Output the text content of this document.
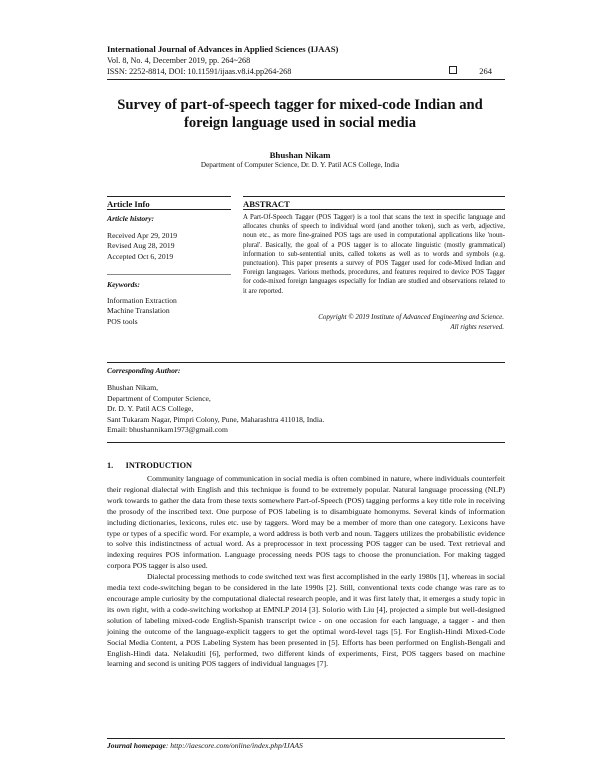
International Journal of Advances in Applied Sciences (IJAAS)
Vol. 8, No. 4, December 2019, pp. 264~268
ISSN: 2252-8814, DOI: 10.11591/ijaas.v8.i4.pp264-268	264
Survey of part-of-speech tagger for mixed-code Indian and foreign language used in social media
Bhushan Nikam
Department of Computer Science, Dr. D. Y. Patil ACS College, India
Article Info	ABSTRACT
Article history:
Received Apr 29, 2019
Revised Aug 28, 2019
Accepted Oct 6, 2019
Keywords:
Information Extraction
Machine Translation
POS tools
A Part-Of-Speech Tagger (POS Tagger) is a tool that scans the text in specific language and allocates chunks of speech to individual word (and another token), such as verb, adjective, noun etc., as more fine-grained POS tags are used in computational applications like 'noun-plural'. Basically, the goal of a POS tagger is to allocate linguistic (mostly grammatical) information to sub-sentential units, called tokens as well as to words and symbols (e.g. punctuation). This paper presents a survey of POS Tagger used for code-Mixed Indian and Foreign languages. Various methods, procedures, and features required to device POS Tagger for code-mixed foreign languages especially for Indian are studied and observations related to it are reported.
Copyright © 2019 Institute of Advanced Engineering and Science.
All rights reserved.
Corresponding Author:
Bhushan Nikam,
Department of Computer Science,
Dr. D. Y. Patil ACS College,
Sant Tukaram Nagar, Pimpri Colony, Pune, Maharashtra 411018, India.
Email: bhushannikam1973@gmail.com
1.      INTRODUCTION

Community language of communication in social media is often combined in nature, where individuals counterfeit their regional dialectal with English and this technique is found to be extremely popular. Natural language processing (NLP) work towards to gather the data from these texts somewhere Part-of-Speech (POS) tagging performs a key title role in receiving the prosody of the inscribed text. One purpose of POS labeling is to disambiguate homonyms. Several kinds of information including dictionaries, lexicons, rules etc. use by taggers. Word may be a member of more than one category. Lexicons have type or types of a specific word. For example, a word address is both verb and noun. Taggers utilizes the probabilistic evidence to solve this indistinctness of actual word. As a preprocessor in text processing POS tagger can be used. Text retrieval and indexing requires POS information. Language processing needs POS tags to choose the pronunciation. For making tagged corpora POS tagger is also used.

Dialectal processing methods to code switched text was first accomplished in the early 1980s [1], whereas in social media text code-switching began to be considered in the late 1990s [2]. Still, conventional texts code change was rare as to encourage ample curiosity by the computational dialectal research people, and it was first lately that, it emerges a study topic in its own right, with a code-switching workshop at EMNLP 2014 [3]. Solorio with Liu [4], projected a simple but well-designed solution of labeling mixed-code English-Spanish transcript twice - on one occasion for each language, a tagger - and then joining the outcome of the language-explicit taggers to get the optimal word-level tags [5]. For English-Hindi Mixed-Code Social Media Content, a POS Labeling System has been presented in [5]. Efforts has been performed on English-Bengali and English-Hindi data. Nelakuditi [6], performed, two different kinds of experiments, First, POS taggers based on machine learning and second is uniting POS taggers of individual languages [7].

Journal homepage: http://iaescore.com/online/index.php/IJAAS
